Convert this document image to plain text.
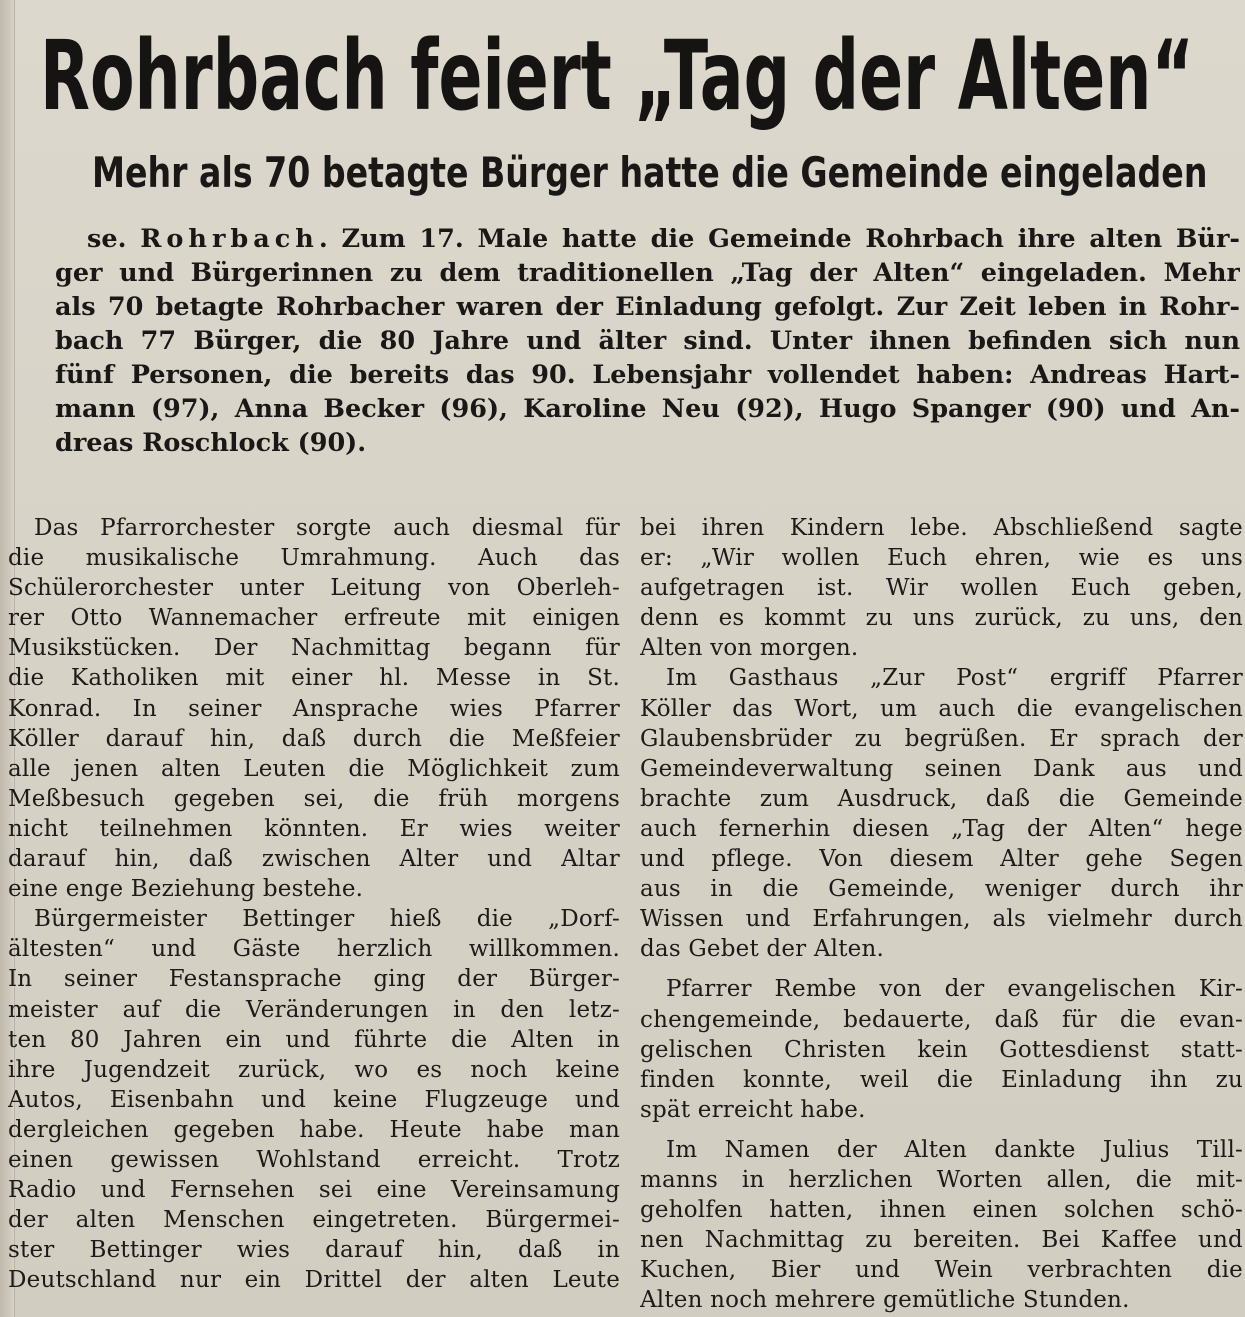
Rohrbach feiert „Tag der Alten“
Mehr als 70 betagte Bürger hatte die Gemeinde eingeladen
se. Rohrbach. Zum 17. Male hatte die Gemeinde Rohrbach ihre alten Bür-
ger und Bürgerinnen zu dem traditionellen „Tag der Alten“ eingeladen. Mehr
als 70 betagte Rohrbacher waren der Einladung gefolgt. Zur Zeit leben in Rohr-
bach 77 Bürger, die 80 Jahre und älter sind. Unter ihnen befinden sich nun
fünf Personen, die bereits das 90. Lebensjahr vollendet haben: Andreas Hart-
mann (97), Anna Becker (96), Karoline Neu (92), Hugo Spanger (90) und An-
dreas Roschlock (90).
Das Pfarrorchester sorgte auch diesmal für
die musikalische Umrahmung. Auch das
Schülerorchester unter Leitung von Oberleh-
rer Otto Wannemacher erfreute mit einigen
Musikstücken. Der Nachmittag begann für
die Katholiken mit einer hl. Messe in St.
Konrad. In seiner Ansprache wies Pfarrer
Köller darauf hin, daß durch die Meßfeier
alle jenen alten Leuten die Möglichkeit zum
Meßbesuch gegeben sei, die früh morgens
nicht teilnehmen könnten. Er wies weiter
darauf hin, daß zwischen Alter und Altar
eine enge Beziehung bestehe.
Bürgermeister Bettinger hieß die „Dorf-
ältesten“ und Gäste herzlich willkommen.
In seiner Festansprache ging der Bürger-
meister auf die Veränderungen in den letz-
ten 80 Jahren ein und führte die Alten in
ihre Jugendzeit zurück, wo es noch keine
Autos, Eisenbahn und keine Flugzeuge und
dergleichen gegeben habe. Heute habe man
einen gewissen Wohlstand erreicht. Trotz
Radio und Fernsehen sei eine Vereinsamung
der alten Menschen eingetreten. Bürgermei-
ster Bettinger wies darauf hin, daß in
Deutschland nur ein Drittel der alten Leute
bei ihren Kindern lebe. Abschließend sagte
er: „Wir wollen Euch ehren, wie es uns
aufgetragen ist. Wir wollen Euch geben,
denn es kommt zu uns zurück, zu uns, den
Alten von morgen.
Im Gasthaus „Zur Post“ ergriff Pfarrer
Köller das Wort, um auch die evangelischen
Glaubensbrüder zu begrüßen. Er sprach der
Gemeindeverwaltung seinen Dank aus und
brachte zum Ausdruck, daß die Gemeinde
auch fernerhin diesen „Tag der Alten“ hege
und pflege. Von diesem Alter gehe Segen
aus in die Gemeinde, weniger durch ihr
Wissen und Erfahrungen, als vielmehr durch
das Gebet der Alten.
Pfarrer Rembe von der evangelischen Kir-
chengemeinde, bedauerte, daß für die evan-
gelischen Christen kein Gottesdienst statt-
finden konnte, weil die Einladung ihn zu
spät erreicht habe.
Im Namen der Alten dankte Julius Till-
manns in herzlichen Worten allen, die mit-
geholfen hatten, ihnen einen solchen schö-
nen Nachmittag zu bereiten. Bei Kaffee und
Kuchen, Bier und Wein verbrachten die
Alten noch mehrere gemütliche Stunden.
